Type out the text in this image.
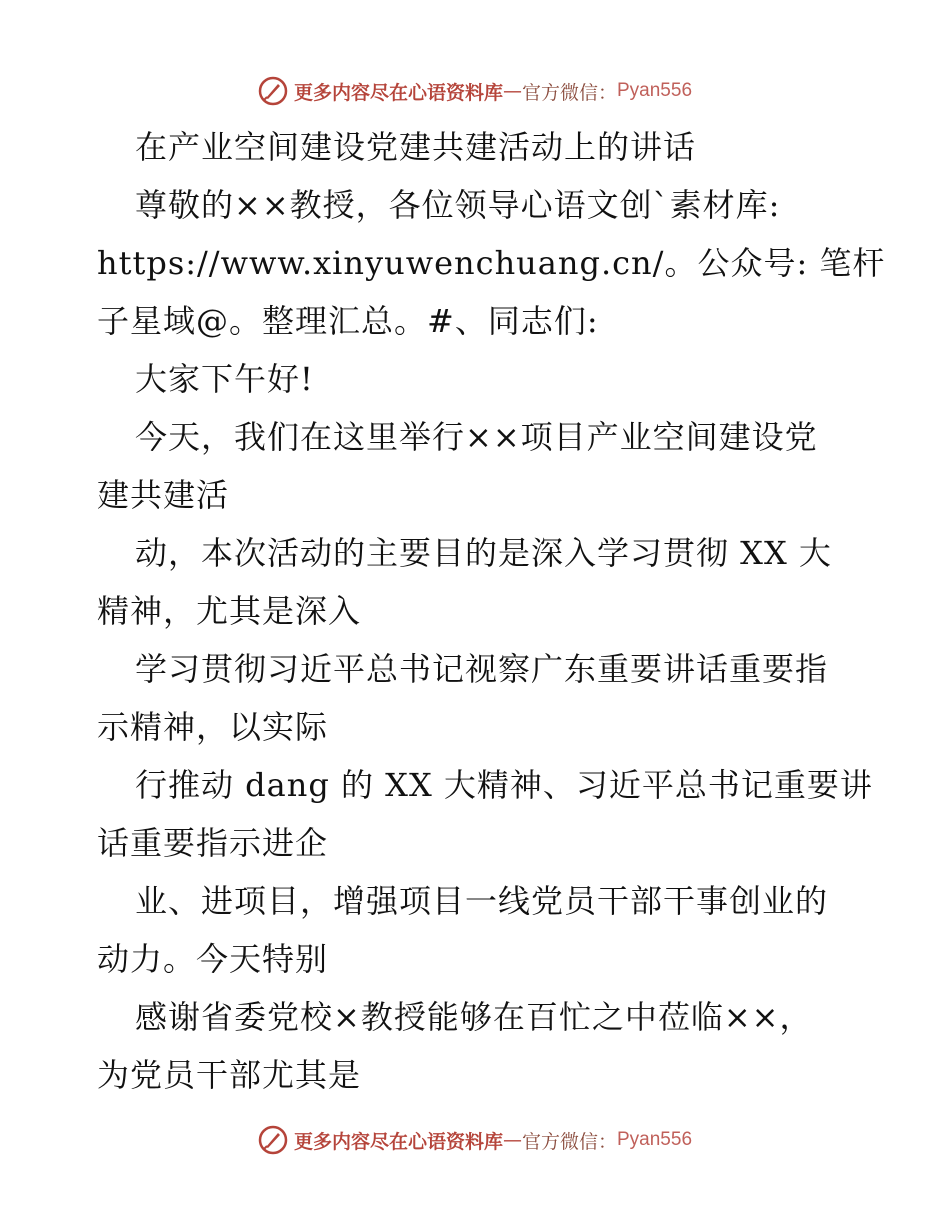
更多内容尽在心语资料库 — 官方微信： Pyan556
在产业空间建设党建共建活动上的讲话
尊敬的××教授，各位领导心语文创`素材库:
https://www.xinyuwenchuang.cn/。公众号: 笔杆
子星域@。整理汇总。#、同志们:
大家下午好!
今天，我们在这里举行××项目产业空间建设党
建共建活
动，本次活动的主要目的是深入学习贯彻 XX 大
精神，尤其是深入
学习贯彻习近平总书记视察广东重要讲话重要指
示精神，以实际
行推动 dang 的 XX 大精神、习近平总书记重要讲
话重要指示进企
业、进项目，增强项目一线党员干部干事创业的
动力。今天特别
感谢省委党校×教授能够在百忙之中莅临××，
为党员干部尤其是
更多内容尽在心语资料库 — 官方微信： Pyan556
